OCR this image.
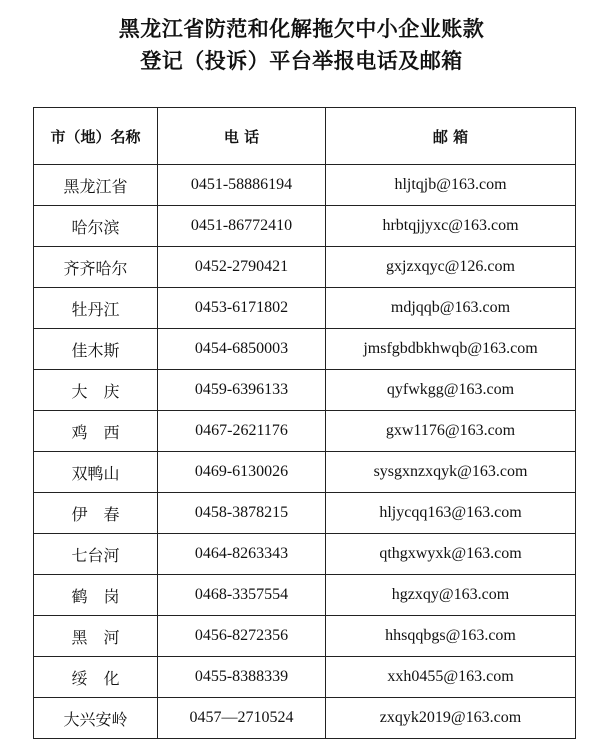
黑龙江省防范和化解拖欠中小企业账款
登记（投诉）平台举报电话及邮箱
市（地）名称	电 话	邮 箱
黑龙江省	0451-58886194	hljtqjb@163.com
哈尔滨	0451-86772410	hrbtqjjyxc@163.com
齐齐哈尔	0452-2790421	gxjzxqyc@126.com
牡丹江	0453-6171802	mdjqqb@163.com
佳木斯	0454-6850003	jmsfgbdbkhwqb@163.com
大　庆	0459-6396133	qyfwkgg@163.com
鸡　西	0467-2621176	gxw1176@163.com
双鸭山	0469-6130026	sysgxnzxqyk@163.com
伊　春	0458-3878215	hljycqq163@163.com
七台河	0464-8263343	qthgxwyxk@163.com
鹤　岗	0468-3357554	hgzxqy@163.com
黑　河	0456-8272356	hhsqqbgs@163.com
绥　化	0455-8388339	xxh0455@163.com
大兴安岭	0457—2710524	zxqyk2019@163.com
